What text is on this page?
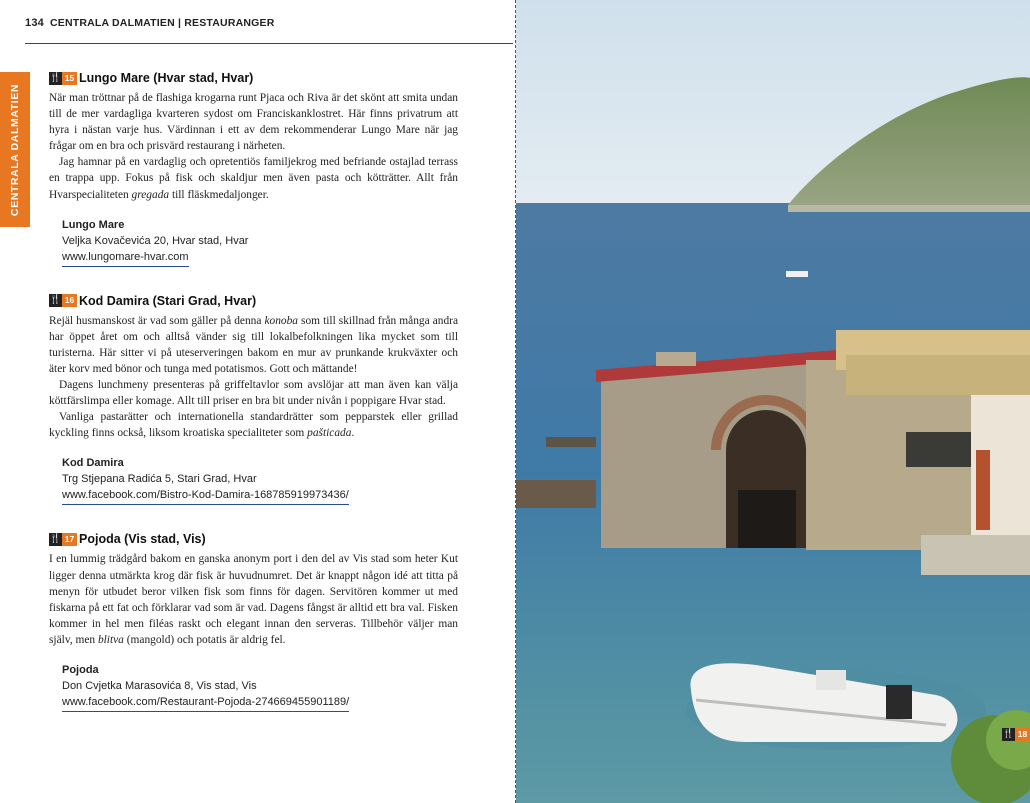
134 CENTRALA DALMATIEN | RESTAURANGER
CENTRALA DALMATIEN
🍴 15 Lungo Mare (Hvar stad, Hvar)

När man tröttnar på de flashiga krogarna runt Pjaca och Riva är det skönt att smita undan till de mer vardagliga kvarteren sydost om Franciskanklostret. Här finns privatrum att hyra i nästan varje hus. Värdinnan i ett av dem rekommenderar Lungo Mare när jag frågar om en bra och prisvärd restaurang i närheten.

Jag hamnar på en vardaglig och opretentiös familjekrog med befriande ostajlad terrass en trappa upp. Fokus på fisk och skaldjur men även pasta och kötträtter. Allt från Hvarspecialiteten gregada till fläskmedaljonger.

Lungo Mare
Veljka Kovačevića 20, Hvar stad, Hvar
www.lungomare-hvar.com
🍴 16 Kod Damira (Stari Grad, Hvar)

Rejäl husmanskost är vad som gäller på denna konoba som till skillnad från många andra har öppet året om och alltså vänder sig till lokalbefolkningen lika mycket som till turisterna. Här sitter vi på uteserveringen bakom en mur av prunkande krukväxter och äter korv med bönor och tunga med potatismos. Gott och mättande!

Dagens lunchmeny presenteras på griffeltavlor som avslöjar att man även kan välja köttfärslimpa eller komage. Allt till priser en bra bit under nivån i poppigare Hvar stad.

Vanliga pastarätter och internationella standardrätter som pepparstek eller grillad kyckling finns också, liksom kroatiska specialiteter som pašticada.

Kod Damira
Trg Stjepana Radića 5, Stari Grad, Hvar
www.facebook.com/Bistro-Kod-Damira-168785919973436/
🍴 17 Pojoda (Vis stad, Vis)

I en lummig trädgård bakom en ganska anonym port i den del av Vis stad som heter Kut ligger denna utmärkta krog där fisk är huvudnumret. Det är knappt någon idé att titta på menyn för utbudet beror vilken fisk som finns för dagen. Servitören kommer ut med fiskarna på ett fat och förklarar vad som är vad. Dagens fångst är alltid ett bra val. Fisken kommer in hel men filéas raskt och elegant innan den serveras. Tillbehör väljer man själv, men blitva (mangold) och potatis är aldrig fel.

Pojoda
Don Cvjetka Marasovića 8, Vis stad, Vis
www.facebook.com/Restaurant-Pojoda-274669455901189/
🍴 18
